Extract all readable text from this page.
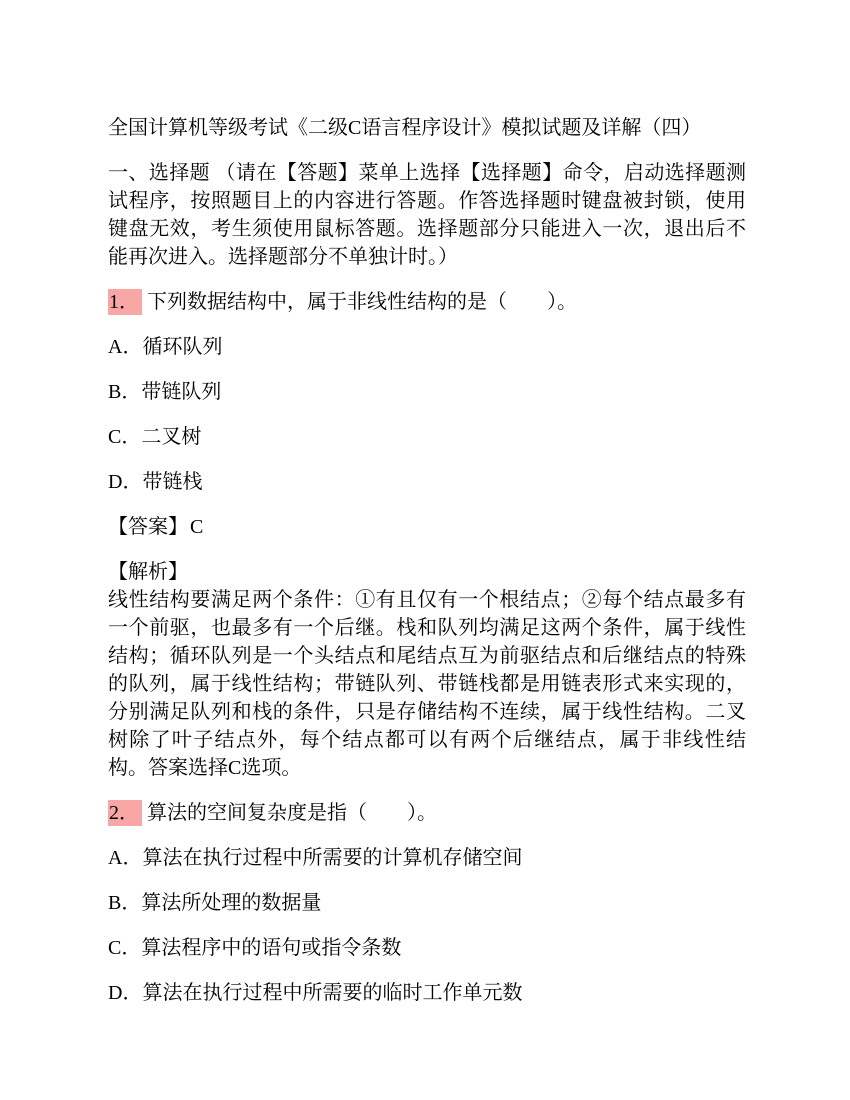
全国计算机等级考试《二级C语言程序设计》模拟试题及详解（四）

一、选择题 （请在【答题】菜单上选择【选择题】命令，启动选择题测试程序，按照题目上的内容进行答题。作答选择题时键盘被封锁，使用键盘无效，考生须使用鼠标答题。选择题部分只能进入一次，退出后不能再次进入。选择题部分不单独计时。）

1． 下列数据结构中，属于非线性结构的是（　　）。

A．循环队列

B．带链队列

C．二叉树

D．带链栈

【答案】 C

【解析】
线性结构要满足两个条件：①有且仅有一个根结点；②每个结点最多有一个前驱，也最多有一个后继。栈和队列均满足这两个条件，属于线性结构；循环队列是一个头结点和尾结点互为前驱结点和后继结点的特殊的队列，属于线性结构；带链队列、带链栈都是用链表形式来实现的，分别满足队列和栈的条件，只是存储结构不连续，属于线性结构。二叉树除了叶子结点外，每个结点都可以有两个后继结点，属于非线性结构。答案选择C选项。

2． 算法的空间复杂度是指（　　）。

A．算法在执行过程中所需要的计算机存储空间

B．算法所处理的数据量

C．算法程序中的语句或指令条数

D．算法在执行过程中所需要的临时工作单元数
